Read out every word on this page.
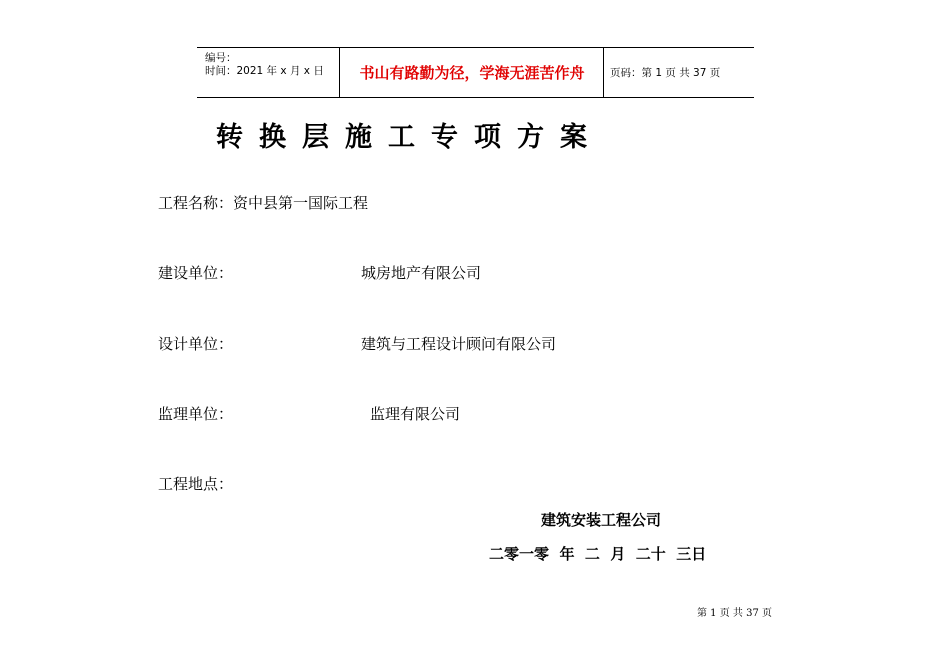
编号：
时间：2021 年 x 月 x 日	书山有路勤为径，学海无涯苦作舟	页码：第 1 页 共 37 页
转换层施工专项方案
工程名称：资中县第一国际工程
建设单位：	城房地产有限公司
设计单位：	建筑与工程设计顾问有限公司
监理单位：	监理有限公司
工程地点：
建筑安装工程公司
二零一零  年  二  月  二十  三日
第 1 页 共 37 页
